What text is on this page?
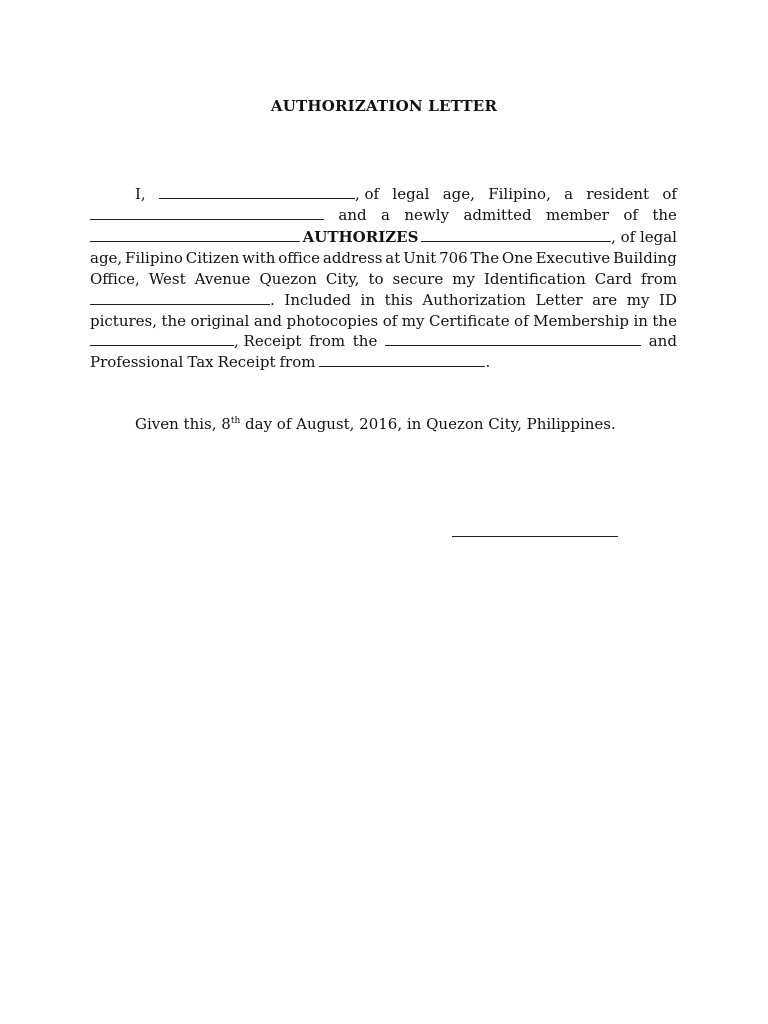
AUTHORIZATION LETTER
I,	, of legal age, Filipino, a resident of
and a newly admitted member of the
AUTHORIZES	, of legal
age, Filipino Citizen with office address at Unit 706 The One Executive Building
Office, West Avenue Quezon City, to secure my Identification Card from
. Included in this Authorization Letter are my ID
pictures, the original and photocopies of my Certificate of Membership in the
, Receipt from the	and
Professional Tax Receipt from	.
Given this, 8th day of August, 2016, in Quezon City, Philippines.
